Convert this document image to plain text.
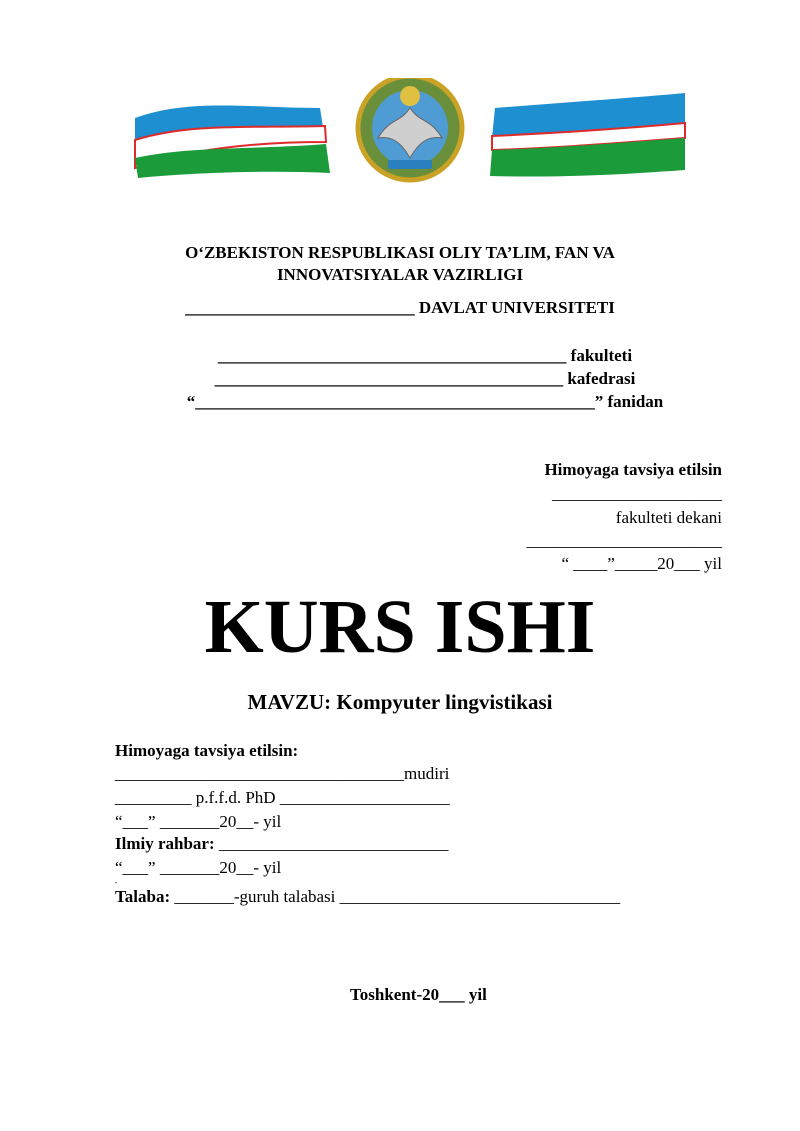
O‘ZBEKISTON RESPUBLIKASI OLIY TA’LIM, FAN VA
INNOVATSIYALAR VAZIRLIGI
___________________________ DAVLAT UNIVERSITETI
_________________________________________ fakulteti
_________________________________________ kafedrasi
“_______________________________________________” fanidan
Himoyaga tavsiya etilsin
____________________
fakulteti dekani
_______________________
“ ____”_____20___ yil
KURS ISHI
MAVZU: Kompyuter lingvistikasi
Himoyaga tavsiya etilsin:
__________________________________mudiri
_________ p.f.f.d. PhD ____________________
“___” _______20__- yil
Ilmiy rahbar: ___________________________
“___” _______20__- yil
"
Talaba: _______-guruh talabasi _________________________________
Toshkent-20___ yil
